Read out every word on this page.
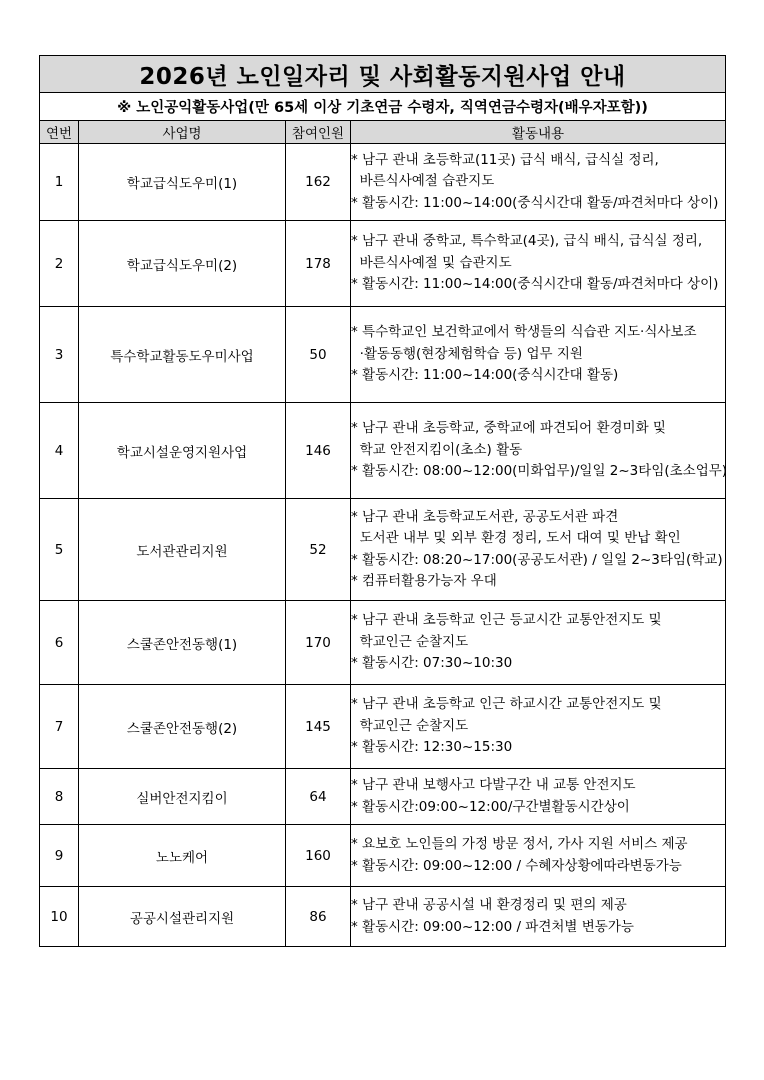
2026년 노인일자리 및 사회활동지원사업 안내			
※ 노인공익활동사업(만 65세 이상 기초연금 수령자, 직역연금수령자(배우자포함))			
연번	사업명	참여인원	활동내용
1	학교급식도우미(1)	162	* 남구 관내 초등학교(11곳) 급식 배식, 급식실 정리,
바른식사예절 습관지도
* 활동시간: 11:00~14:00(중식시간대 활동/파견처마다 상이)

2	학교급식도우미(2)	178	* 남구 관내 중학교, 특수학교(4곳), 급식 배식, 급식실 정리,
바른식사예절 및 습관지도
* 활동시간: 11:00~14:00(중식시간대 활동/파견처마다 상이)

3	특수학교활동도우미사업	50	* 특수학교인 보건학교에서 학생들의 식습관 지도·식사보조
·활동동행(현장체험학습 등) 업무 지원
* 활동시간: 11:00~14:00(중식시간대 활동)

4	학교시설운영지원사업	146	* 남구 관내 초등학교, 중학교에 파견되어 환경미화 및
학교 안전지킴이(초소) 활동
* 활동시간: 08:00~12:00(미화업무)/일일 2~3타임(초소업무)

5	도서관관리지원	52	* 남구 관내 초등학교도서관, 공공도서관 파견
도서관 내부 및 외부 환경 정리, 도서 대여 및 반납 확인
* 활동시간: 08:20~17:00(공공도서관) / 일일 2~3타임(학교)
* 컴퓨터활용가능자 우대

6	스쿨존안전동행(1)	170	* 남구 관내 초등학교 인근 등교시간 교통안전지도 및
학교인근 순찰지도
* 활동시간: 07:30~10:30

7	스쿨존안전동행(2)	145	* 남구 관내 초등학교 인근 하교시간 교통안전지도 및
학교인근 순찰지도
* 활동시간: 12:30~15:30

8	실버안전지킴이	64	* 남구 관내 보행사고 다발구간 내 교통 안전지도
* 활동시간:09:00~12:00/구간별활동시간상이

9	노노케어	160	* 요보호 노인들의 가정 방문 정서, 가사 지원 서비스 제공
* 활동시간: 09:00~12:00 / 수혜자상황에따라변동가능

10	공공시설관리지원	86	* 남구 관내 공공시설 내 환경정리 및 편의 제공
* 활동시간: 09:00~12:00 / 파견처별 변동가능
